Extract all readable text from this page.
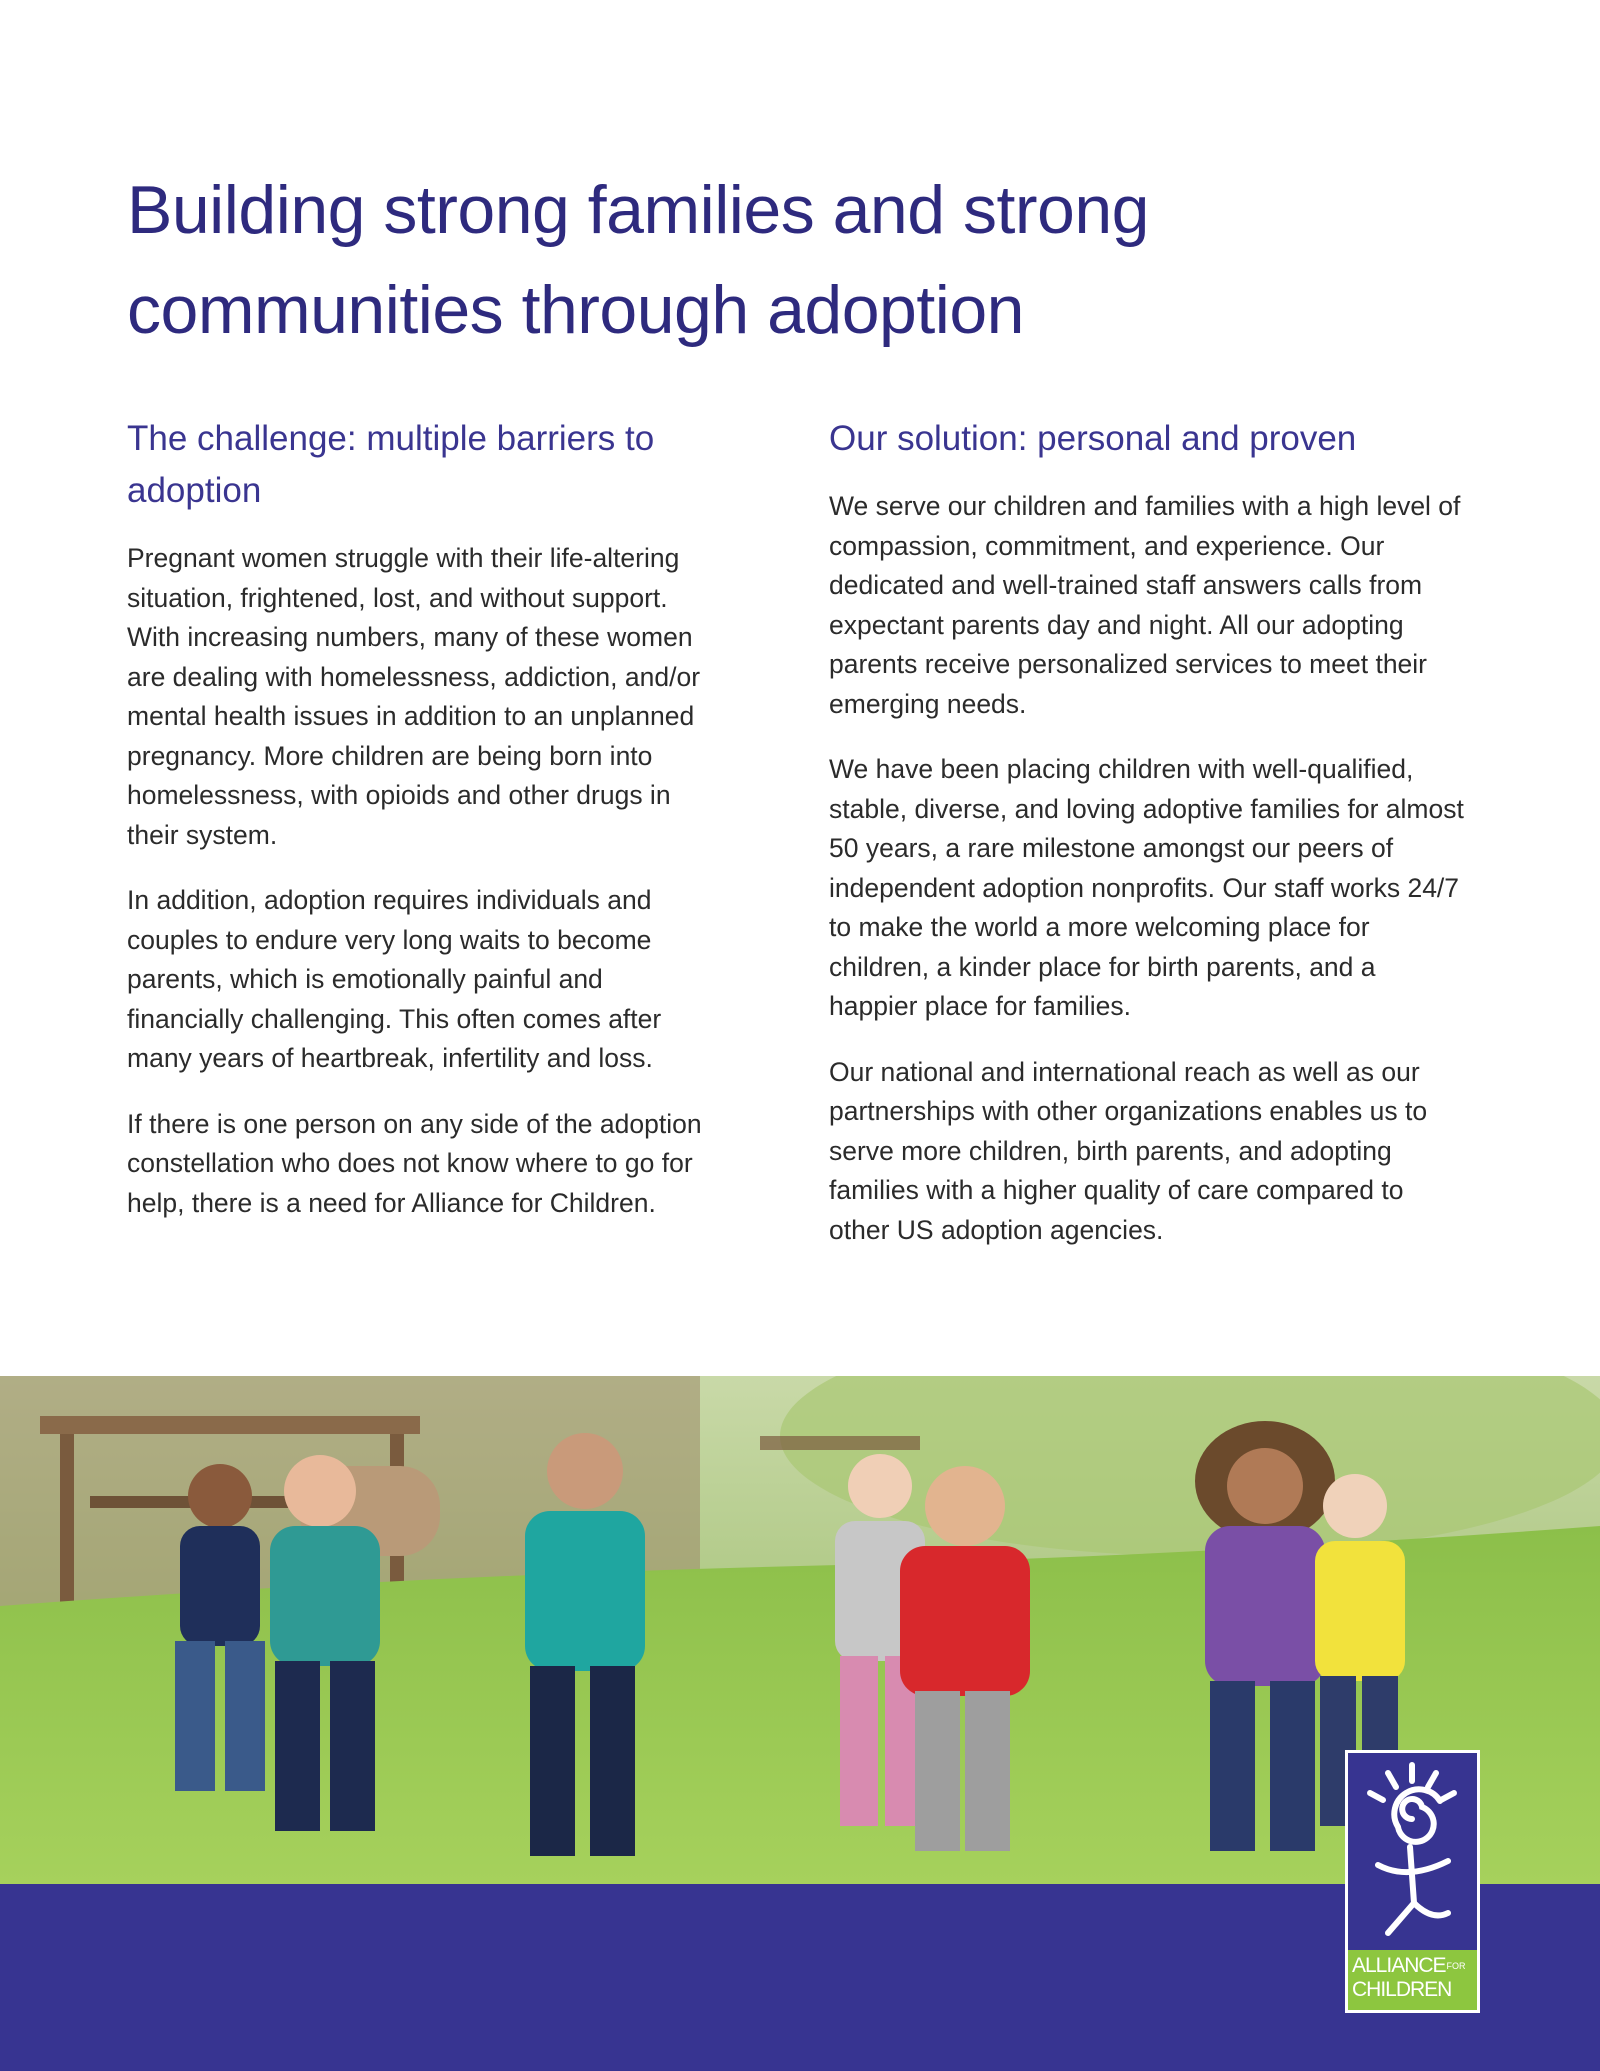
Building strong families and strong communities through adoption
The challenge: multiple barriers to adoption

Pregnant women struggle with their life-altering situation, frightened, lost, and without support. With increasing numbers, many of these women are dealing with homelessness, addiction, and/or mental health issues in addition to an unplanned pregnancy. More children are being born into homelessness, with opioids and other drugs in their system.

In addition, adoption requires individuals and couples to endure very long waits to become parents, which is emotionally painful and financially challenging. This often comes after many years of heartbreak, infertility and loss.

If there is one person on any side of the adoption constellation who does not know where to go for help, there is a need for Alliance for Children.

Our solution: personal and proven

We serve our children and families with a high level of compassion, commitment, and experience. Our dedicated and well-trained staff answers calls from expectant parents day and night. All our adopting parents receive personalized services to meet their emerging needs.

We have been placing children with well-qualified, stable, diverse, and loving adoptive families for almost 50 years, a rare milestone amongst our peers of independent adoption nonprofits. Our staff works 24/7 to make the world a more welcoming place for children, a kinder place for birth parents, and a happier place for families.

Our national and international reach as well as our partnerships with other organizations enables us to serve more children, birth parents, and adopting families with a higher quality of care compared to other US adoption agencies.

ALLIANCEFOR
CHILDREN
